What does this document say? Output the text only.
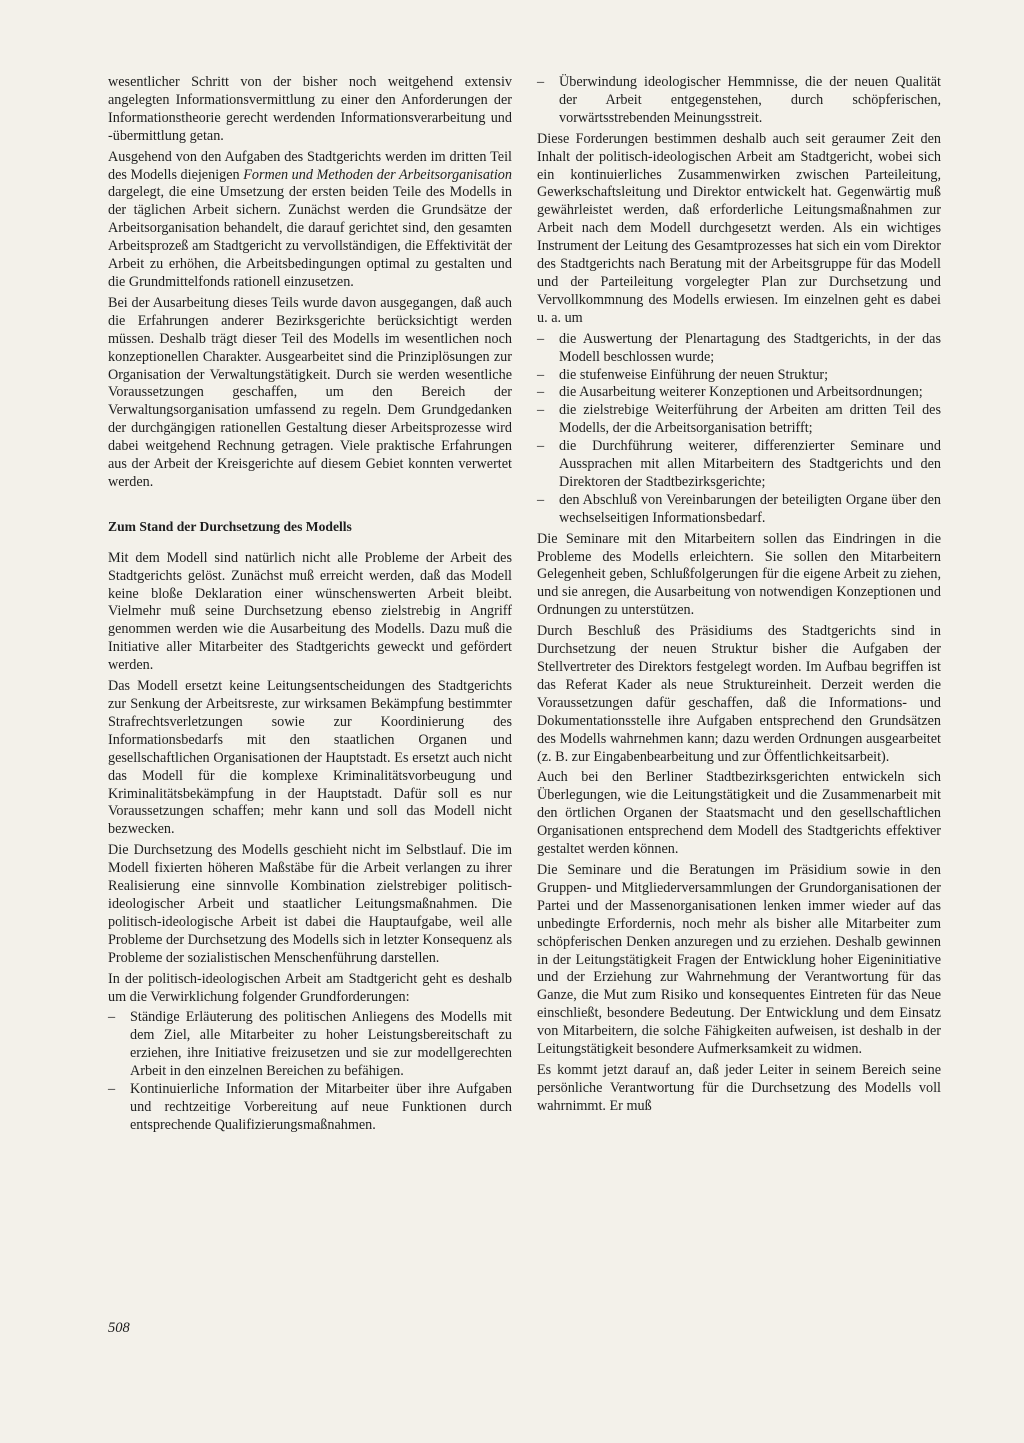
wesentlicher Schritt von der bisher noch weitgehend extensiv angelegten Informationsvermittlung zu einer den Anforderungen der Informationstheorie gerecht werdenden Informationsverarbeitung und -übermittlung getan.

Ausgehend von den Aufgaben des Stadtgerichts werden im dritten Teil des Modells diejenigen Formen und Methoden der Arbeitsorganisation dargelegt, die eine Umsetzung der ersten beiden Teile des Modells in der täglichen Arbeit sichern. Zunächst werden die Grundsätze der Arbeitsorganisation behandelt, die darauf gerichtet sind, den gesamten Arbeitsprozeß am Stadtgericht zu vervollständigen, die Effektivität der Arbeit zu erhöhen, die Arbeitsbedingungen optimal zu gestalten und die Grundmittelfonds rationell einzusetzen.

Bei der Ausarbeitung dieses Teils wurde davon ausgegangen, daß auch die Erfahrungen anderer Bezirksgerichte berücksichtigt werden müssen. Deshalb trägt dieser Teil des Modells im wesentlichen noch konzeptionellen Charakter. Ausgearbeitet sind die Prinziplösungen zur Organisation der Verwaltungstätigkeit. Durch sie werden wesentliche Voraussetzungen geschaffen, um den Bereich der Verwaltungsorganisation umfassend zu regeln. Dem Grundgedanken der durchgängigen rationellen Gestaltung dieser Arbeitsprozesse wird dabei weitgehend Rechnung getragen. Viele praktische Erfahrungen aus der Arbeit der Kreisgerichte auf diesem Gebiet konnten verwertet werden.

Zum Stand der Durchsetzung des Modells

Mit dem Modell sind natürlich nicht alle Probleme der Arbeit des Stadtgerichts gelöst. Zunächst muß erreicht werden, daß das Modell keine bloße Deklaration einer wünschenswerten Arbeit bleibt. Vielmehr muß seine Durchsetzung ebenso zielstrebig in Angriff genommen werden wie die Ausarbeitung des Modells. Dazu muß die Initiative aller Mitarbeiter des Stadtgerichts geweckt und gefördert werden.

Das Modell ersetzt keine Leitungsentscheidungen des Stadtgerichts zur Senkung der Arbeitsreste, zur wirksamen Bekämpfung bestimmter Strafrechtsverletzungen sowie zur Koordinierung des Informationsbedarfs mit den staatlichen Organen und gesellschaftlichen Organisationen der Hauptstadt. Es ersetzt auch nicht das Modell für die komplexe Kriminalitätsvorbeugung und Kriminalitätsbekämpfung in der Hauptstadt. Dafür soll es nur Voraussetzungen schaffen; mehr kann und soll das Modell nicht bezwecken.

Die Durchsetzung des Modells geschieht nicht im Selbstlauf. Die im Modell fixierten höheren Maßstäbe für die Arbeit verlangen zu ihrer Realisierung eine sinnvolle Kombination zielstrebiger politisch-ideologischer Arbeit und staatlicher Leitungsmaßnahmen. Die politisch-ideologische Arbeit ist dabei die Hauptaufgabe, weil alle Probleme der Durchsetzung des Modells sich in letzter Konsequenz als Probleme der sozialistischen Menschenführung darstellen.

In der politisch-ideologischen Arbeit am Stadtgericht geht es deshalb um die Verwirklichung folgender Grundforderungen:

– Ständige Erläuterung des politischen Anliegens des Modells mit dem Ziel, alle Mitarbeiter zu hoher Leistungsbereitschaft zu erziehen, ihre Initiative freizusetzen und sie zur modellgerechten Arbeit in den einzelnen Bereichen zu befähigen.
– Kontinuierliche Information der Mitarbeiter über ihre Aufgaben und rechtzeitige Vorbereitung auf neue Funktionen durch entsprechende Qualifizierungsmaßnahmen.
– Überwindung ideologischer Hemmnisse, die der neuen Qualität der Arbeit entgegenstehen, durch schöpferischen, vorwärtsstrebenden Meinungsstreit.

Diese Forderungen bestimmen deshalb auch seit geraumer Zeit den Inhalt der politisch-ideologischen Arbeit am Stadtgericht, wobei sich ein kontinuierliches Zusammenwirken zwischen Parteileitung, Gewerkschaftsleitung und Direktor entwickelt hat. Gegenwärtig muß gewährleistet werden, daß erforderliche Leitungsmaßnahmen zur Arbeit nach dem Modell durchgesetzt werden. Als ein wichtiges Instrument der Leitung des Gesamtprozesses hat sich ein vom Direktor des Stadtgerichts nach Beratung mit der Arbeitsgruppe für das Modell und der Parteileitung vorgelegter Plan zur Durchsetzung und Vervollkommnung des Modells erwiesen. Im einzelnen geht es dabei u. a. um

– die Auswertung der Plenartagung des Stadtgerichts, in der das Modell beschlossen wurde;
– die stufenweise Einführung der neuen Struktur;
– die Ausarbeitung weiterer Konzeptionen und Arbeitsordnungen;
– die zielstrebige Weiterführung der Arbeiten am dritten Teil des Modells, der die Arbeitsorganisation betrifft;
– die Durchführung weiterer, differenzierter Seminare und Aussprachen mit allen Mitarbeitern des Stadtgerichts und den Direktoren der Stadtbezirksgerichte;
– den Abschluß von Vereinbarungen der beteiligten Organe über den wechselseitigen Informationsbedarf.

Die Seminare mit den Mitarbeitern sollen das Eindringen in die Probleme des Modells erleichtern. Sie sollen den Mitarbeitern Gelegenheit geben, Schlußfolgerungen für die eigene Arbeit zu ziehen, und sie anregen, die Ausarbeitung von notwendigen Konzeptionen und Ordnungen zu unterstützen.

Durch Beschluß des Präsidiums des Stadtgerichts sind in Durchsetzung der neuen Struktur bisher die Aufgaben der Stellvertreter des Direktors festgelegt worden. Im Aufbau begriffen ist das Referat Kader als neue Struktureinheit. Derzeit werden die Voraussetzungen dafür geschaffen, daß die Informations- und Dokumentationsstelle ihre Aufgaben entsprechend den Grundsätzen des Modells wahrnehmen kann; dazu werden Ordnungen ausgearbeitet (z. B. zur Eingabenbearbeitung und zur Öffentlichkeitsarbeit).

Auch bei den Berliner Stadtbezirksgerichten entwickeln sich Überlegungen, wie die Leitungstätigkeit und die Zusammenarbeit mit den örtlichen Organen der Staatsmacht und den gesellschaftlichen Organisationen entsprechend dem Modell des Stadtgerichts effektiver gestaltet werden können.

Die Seminare und die Beratungen im Präsidium sowie in den Gruppen- und Mitgliederversammlungen der Grundorganisationen der Partei und der Massenorganisationen lenken immer wieder auf das unbedingte Erfordernis, noch mehr als bisher alle Mitarbeiter zum schöpferischen Denken anzuregen und zu erziehen. Deshalb gewinnen in der Leitungstätigkeit Fragen der Entwicklung hoher Eigeninitiative und der Erziehung zur Wahrnehmung der Verantwortung für das Ganze, die Mut zum Risiko und konsequentes Eintreten für das Neue einschließt, besondere Bedeutung. Der Entwicklung und dem Einsatz von Mitarbeitern, die solche Fähigkeiten aufweisen, ist deshalb in der Leitungstätigkeit besondere Aufmerksamkeit zu widmen.

Es kommt jetzt darauf an, daß jeder Leiter in seinem Bereich seine persönliche Verantwortung für die Durchsetzung des Modells voll wahrnimmt. Er muß

508
